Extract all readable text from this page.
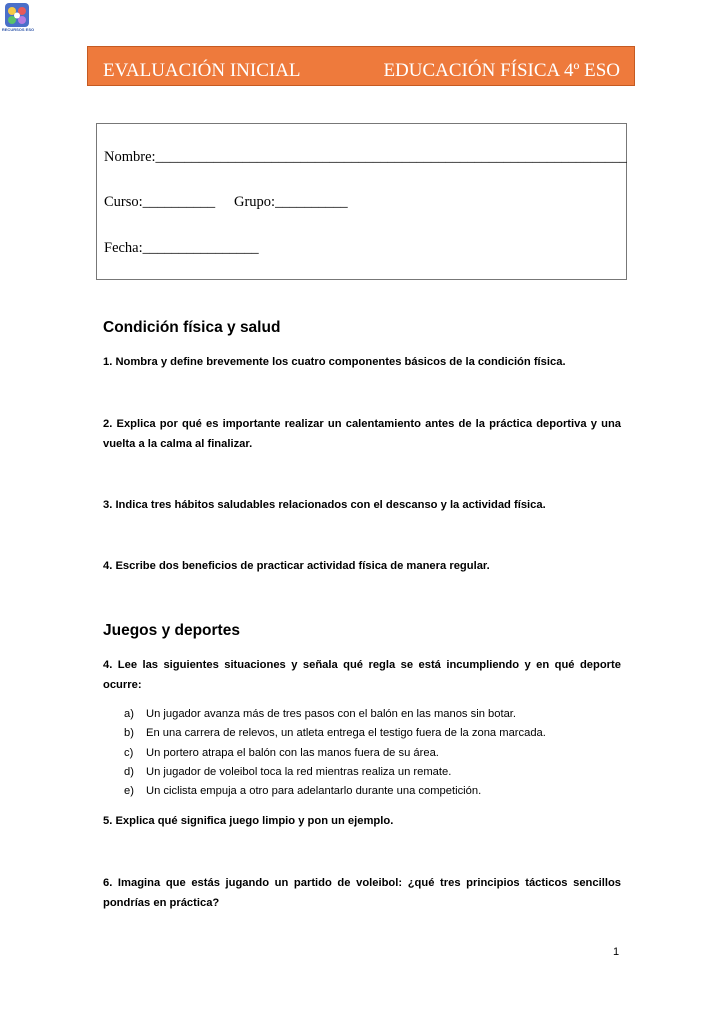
RECURSOS ESO
EVALUACIÓN INICIAL	EDUCACIÓN FÍSICA 4º ESO
Nombre:_________________________________________________________________
Curso:__________ Grupo:__________
Fecha:________________
Condición física y salud
1. Nombra y define brevemente los cuatro componentes básicos de la condición física.
2. Explica por qué es importante realizar un calentamiento antes de la práctica deportiva y una vuelta a la calma al finalizar.
3. Indica tres hábitos saludables relacionados con el descanso y la actividad física.
4. Escribe dos beneficios de practicar actividad física de manera regular.
Juegos y deportes
4. Lee las siguientes situaciones y señala qué regla se está incumpliendo y en qué deporte ocurre:
a) Un jugador avanza más de tres pasos con el balón en las manos sin botar.
b) En una carrera de relevos, un atleta entrega el testigo fuera de la zona marcada.
c) Un portero atrapa el balón con las manos fuera de su área.
d) Un jugador de voleibol toca la red mientras realiza un remate.
e) Un ciclista empuja a otro para adelantarlo durante una competición.
5. Explica qué significa juego limpio y pon un ejemplo.
6. Imagina que estás jugando un partido de voleibol: ¿qué tres principios tácticos sencillos pondrías en práctica?
1
